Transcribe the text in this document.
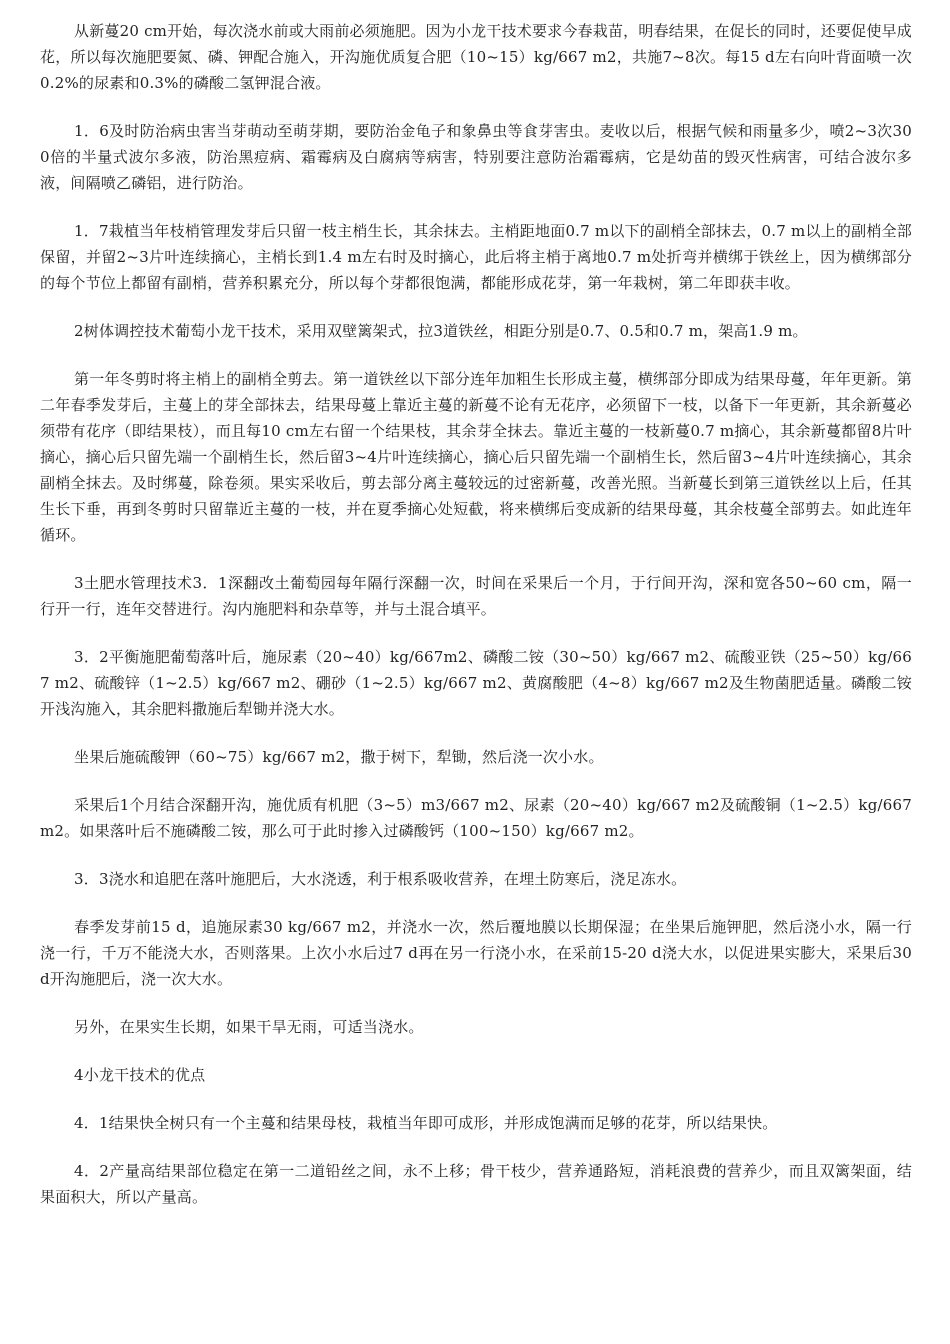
从新蔓20 cm开始，每次浇水前或大雨前必须施肥。因为小龙干技术要求今春栽苗，明春结果，在促长的同时，还要促使早成花，所以每次施肥要氮、磷、钾配合施入，开沟施优质复合肥（10~15）kg/667 m2，共施7~8次。每15 d左右向叶背面喷一次0.2%的尿素和0.3%的磷酸二氢钾混合液。

1．6及时防治病虫害当芽萌动至萌芽期，要防治金龟子和象鼻虫等食芽害虫。麦收以后，根据气候和雨量多少，喷2~3次300倍的半量式波尔多液，防治黑痘病、霜霉病及白腐病等病害，特别要注意防治霜霉病，它是幼苗的毁灭性病害，可结合波尔多液，间隔喷乙磷铝，进行防治。

1．7栽植当年枝梢管理发芽后只留一枝主梢生长，其余抹去。主梢距地面0.7 m以下的副梢全部抹去，0.7 m以上的副梢全部保留，并留2~3片叶连续摘心，主梢长到1.4 m左右时及时摘心，此后将主梢于离地0.7 m处折弯并横绑于铁丝上，因为横绑部分的每个节位上都留有副梢，营养积累充分，所以每个芽都很饱满，都能形成花芽，第一年栽树，第二年即获丰收。

2树体调控技术葡萄小龙干技术，采用双壁篱架式，拉3道铁丝，相距分别是0.7、0.5和0.7 m，架高1.9 m。

第一年冬剪时将主梢上的副梢全剪去。第一道铁丝以下部分连年加粗生长形成主蔓，横绑部分即成为结果母蔓，年年更新。第二年春季发芽后，主蔓上的芽全部抹去，结果母蔓上靠近主蔓的新蔓不论有无花序，必须留下一枝，以备下一年更新，其余新蔓必须带有花序（即结果枝），而且每10 cm左右留一个结果枝，其余芽全抹去。靠近主蔓的一枝新蔓0.7 m摘心，其余新蔓都留8片叶摘心，摘心后只留先端一个副梢生长，然后留3~4片叶连续摘心，摘心后只留先端一个副梢生长，然后留3~4片叶连续摘心，其余副梢全抹去。及时绑蔓，除卷须。果实采收后，剪去部分离主蔓较远的过密新蔓，改善光照。当新蔓长到第三道铁丝以上后，任其生长下垂，再到冬剪时只留靠近主蔓的一枝，并在夏季摘心处短截，将来横绑后变成新的结果母蔓，其余枝蔓全部剪去。如此连年循环。

3土肥水管理技术3．1深翻改土葡萄园每年隔行深翻一次，时间在采果后一个月，于行间开沟，深和宽各50~60 cm，隔一行开一行，连年交替进行。沟内施肥料和杂草等，并与土混合填平。

3．2平衡施肥葡萄落叶后，施尿素（20~40）kg/667m2、磷酸二铵（30~50）kg/667 m2、硫酸亚铁（25~50）kg/667 m2、硫酸锌（1~2.5）kg/667 m2、硼砂（1~2.5）kg/667 m2、黄腐酸肥（4~8）kg/667 m2及生物菌肥适量。磷酸二铵开浅沟施入，其余肥料撒施后犁锄并浇大水。

坐果后施硫酸钾（60~75）kg/667 m2，撒于树下，犁锄，然后浇一次小水。

采果后1个月结合深翻开沟，施优质有机肥（3~5）m3/667 m2、尿素（20~40）kg/667 m2及硫酸铜（1~2.5）kg/667 m2。如果落叶后不施磷酸二铵，那么可于此时掺入过磷酸钙（100~150）kg/667 m2。

3．3浇水和追肥在落叶施肥后，大水浇透，利于根系吸收营养，在埋土防寒后，浇足冻水。

春季发芽前15 d，追施尿素30 kg/667 m2，并浇水一次，然后覆地膜以长期保湿；在坐果后施钾肥，然后浇小水，隔一行浇一行，千万不能浇大水，否则落果。上次小水后过7 d再在另一行浇小水，在采前15-20 d浇大水，以促进果实膨大，采果后30 d开沟施肥后，浇一次大水。

另外，在果实生长期，如果干旱无雨，可适当浇水。

4小龙干技术的优点

4．1结果快全树只有一个主蔓和结果母枝，栽植当年即可成形，并形成饱满而足够的花芽，所以结果快。

4．2产量高结果部位稳定在第一二道铅丝之间，永不上移；骨干枝少，营养通路短，消耗浪费的营养少，而且双篱架面，结果面积大，所以产量高。
